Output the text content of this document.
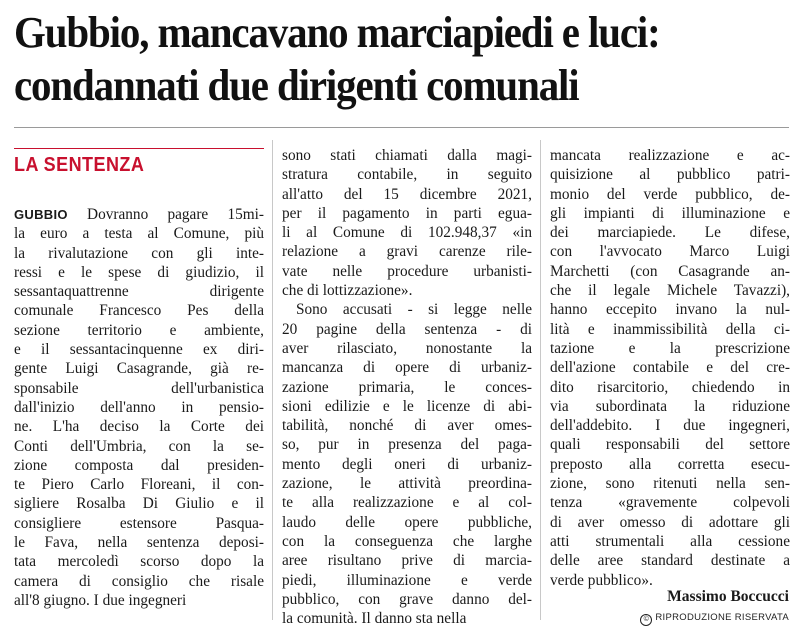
Gubbio, mancavano marciapiedi e luci:
condannati due dirigenti comunali
LA SENTENZA
GUBBIO Dovranno pagare 15mi-
la euro a testa al Comune, più
la rivalutazione con gli inte-
ressi e le spese di giudizio, il
sessantaquattrenne dirigente
comunale Francesco Pes della
sezione territorio e ambiente,
e il sessantacinquenne ex diri-
gente Luigi Casagrande, già re-
sponsabile dell'urbanistica
dall'inizio dell'anno in pensio-
ne. L'ha deciso la Corte dei
Conti dell'Umbria, con la se-
zione composta dal presiden-
te Piero Carlo Floreani, il con-
sigliere Rosalba Di Giulio e il
consigliere estensore Pasqua-
le Fava, nella sentenza deposi-
tata mercoledì scorso dopo la
camera di consiglio che risale
all'8 giugno. I due ingegneri
sono stati chiamati dalla magi-
stratura contabile, in seguito
all'atto del 15 dicembre 2021,
per il pagamento in parti egua-
li al Comune di 102.948,37 «in
relazione a gravi carenze rile-
vate nelle procedure urbanisti-
che di lottizzazione».
Sono accusati - si legge nelle
20 pagine della sentenza - di
aver rilasciato, nonostante la
mancanza di opere di urbaniz-
zazione primaria, le conces-
sioni edilizie e le licenze di abi-
tabilità, nonché di aver omes-
so, pur in presenza del paga-
mento degli oneri di urbaniz-
zazione, le attività preordina-
te alla realizzazione e al col-
laudo delle opere pubbliche,
con la conseguenza che larghe
aree risultano prive di marcia-
piedi, illuminazione e verde
pubblico, con grave danno del-
la comunità. Il danno sta nella
mancata realizzazione e ac-
quisizione al pubblico patri-
monio del verde pubblico, de-
gli impianti di illuminazione e
dei marciapiede. Le difese,
con l'avvocato Marco Luigi
Marchetti (con Casagrande an-
che il legale Michele Tavazzi),
hanno eccepito invano la nul-
lità e inammissibilità della ci-
tazione e la prescrizione
dell'azione contabile e del cre-
dito risarcitorio, chiedendo in
via subordinata la riduzione
dell'addebito. I due ingegneri,
quali responsabili del settore
preposto alla corretta esecu-
zione, sono ritenuti nella sen-
tenza «gravemente colpevoli
di aver omesso di adottare gli
atti strumentali alla cessione
delle aree standard destinate a
verde pubblico».

Massimo Boccucci

© RIPRODUZIONE RISERVATA
